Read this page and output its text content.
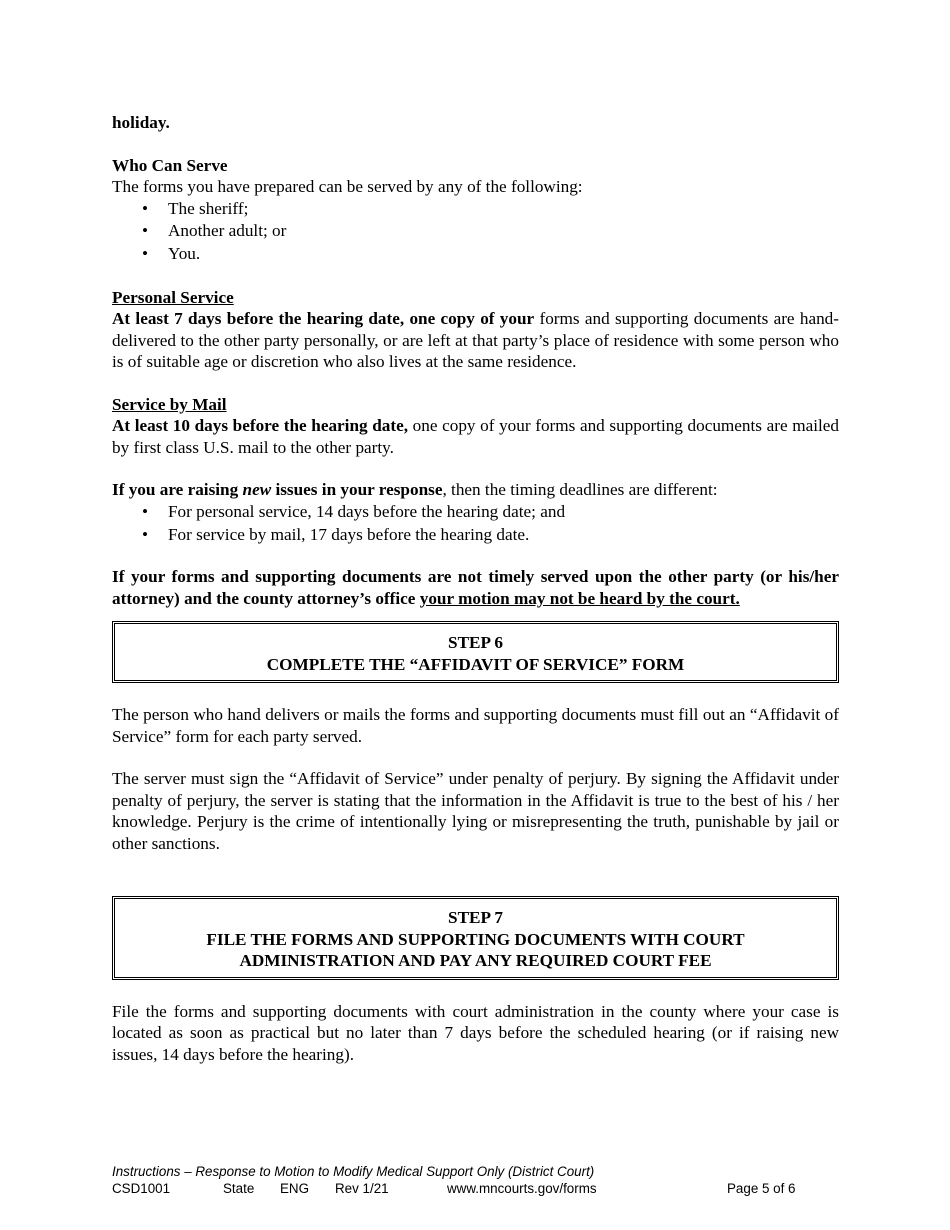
holiday.

Who Can Serve

The forms you have prepared can be served by any of the following:

• The sheriff;
• Another adult; or
• You.

Personal Service

At least 7 days before the hearing date, one copy of your forms and supporting documents are hand-delivered to the other party personally, or are left at that party’s place of residence with some person who is of suitable age or discretion who also lives at the same residence.

Service by Mail

At least 10 days before the hearing date, one copy of your forms and supporting documents are mailed by first class U.S. mail to the other party.

If you are raising new issues in your response, then the timing deadlines are different:

• For personal service, 14 days before the hearing date; and
• For service by mail, 17 days before the hearing date.

If your forms and supporting documents are not timely served upon the other party (or his/her attorney) and the county attorney’s office your motion may not be heard by the court.

STEP 6
COMPLETE THE “AFFIDAVIT OF SERVICE” FORM

The person who hand delivers or mails the forms and supporting documents must fill out an “Affidavit of Service” form for each party served.

The server must sign the “Affidavit of Service” under penalty of perjury. By signing the Affidavit under penalty of perjury, the server is stating that the information in the Affidavit is true to the best of his / her knowledge. Perjury is the crime of intentionally lying or misrepresenting the truth, punishable by jail or other sanctions.

STEP 7
FILE THE FORMS AND SUPPORTING DOCUMENTS WITH COURT
ADMINISTRATION AND PAY ANY REQUIRED COURT FEE

File the forms and supporting documents with court administration in the county where your case is located as soon as practical but no later than 7 days before the scheduled hearing (or if raising new issues, 14 days before the hearing).

Instructions – Response to Motion to Modify Medical Support Only (District Court)
CSD1001	State ENG Rev 1/21	www.mncourts.gov/forms	Page 5 of 6
